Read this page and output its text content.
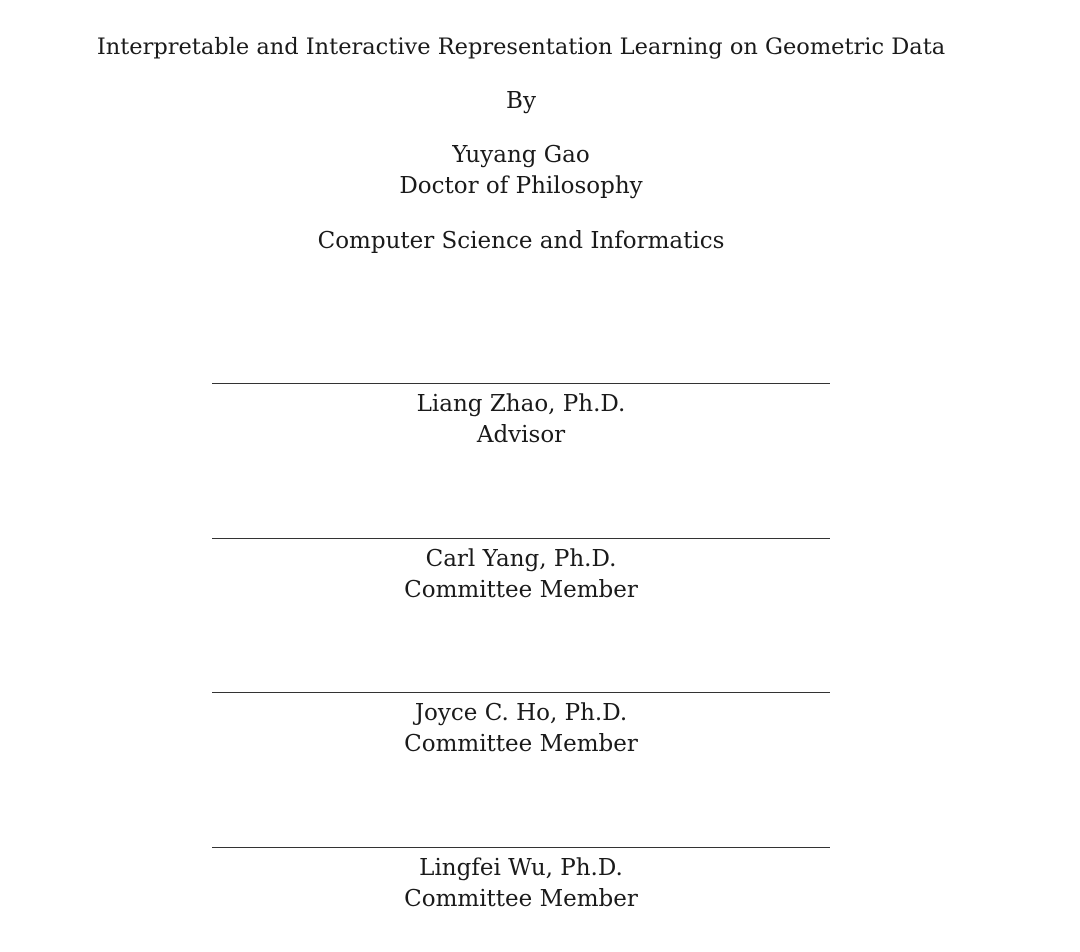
Interpretable and Interactive Representation Learning on Geometric Data
By
Yuyang Gao
Doctor of Philosophy
Computer Science and Informatics
Liang Zhao, Ph.D.
Advisor
Carl Yang, Ph.D.
Committee Member
Joyce C. Ho, Ph.D.
Committee Member
Lingfei Wu, Ph.D.
Committee Member
